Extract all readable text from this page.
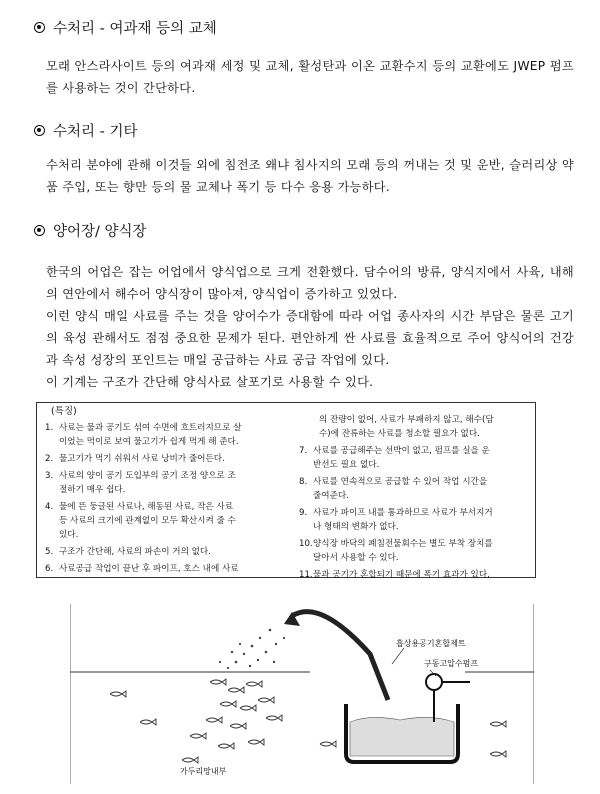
수처리 - 여과재 등의 교체

모래 안스라사이트 등의 여과재 세정 및 교체, 활성탄과 이온 교환수지 등의 교환에도 JWEP 펌프를 사용하는 것이 간단하다.

수처리 - 기타

수처리 분야에 관해 이것들 외에 침전조 왜냐 침사지의 모래 등의 꺼내는 것 및 운반, 슬러리상 약품 주입, 또는 향만 등의 물 교체나 폭기 등 다수 응용 가능하다.

양어장/ 양식장

한국의 어업은 잡는 어업에서 양식업으로 크게 전환했다. 담수어의 방류, 양식지에서 사육, 내해의 연안에서 해수어 양식장이 많아져, 양식업이 증가하고 있었다.

이런 양식 매일 사료를 주는 것을 양어수가 증대함에 따라 어업 종사자의 시간 부담은 물론 고기의 육성 관해서도 점점 중요한 문제가 된다. 편안하게 싼 사료를 효율적으로 주어 양식어의 건강과 속성 성장의 포인트는 매일 공급하는 사료 공급 작업에 있다.

이 기계는 구조가 간단해 양식사료 살포기로 사용할 수 있다.

(특징)
1. 사료는 물과 공기도 섞여 수면에 흐트러지므로 살
이었는 먹이로 보여 물고기가 쉽게 먹게 해 준다.
2. 물고기가 먹기 쉬워서 사료 낭비가 줄어든다.
3. 사료의 양이 공기 도입부의 공기 조정 양으로 조
절하기 매우 쉽다.
4. 물에 뜬 둥글된 사료나, 해동된 사료, 작은 사료
등 사료의 크기에 관계없이 모두 확산시켜 줄 수
있다.
5. 구조가 간단해, 사료의 파손이 거의 없다.
6. 사료공급 작업이 끝난 후 파이프, 호스 내에 사료
의 잔량이 없어, 사료가 부패하지 않고, 해수(담
수)에 잔류하는 사료를 청소할 필요가 없다.
7. 사료를 공급해주는 선박이 없고, 펌프를 실을 운
반선도 필요 없다.
8. 사료를 연속적으로 공급할 수 있어 작업 시간을
줄여준다.
9. 사료가 파이프 내를 통과하므로 사료가 부서지거
나 형태의 변화가 없다.
10. 양식장 바닥의 폐침전물회수는 별도 부착 장치를
달아서 사용할 수 있다.
11. 물과 공기가 혼합되기 때문에 폭기 효과가 있다.
흡상용공기혼합제트
구동고압수펌프
가두리망내부
